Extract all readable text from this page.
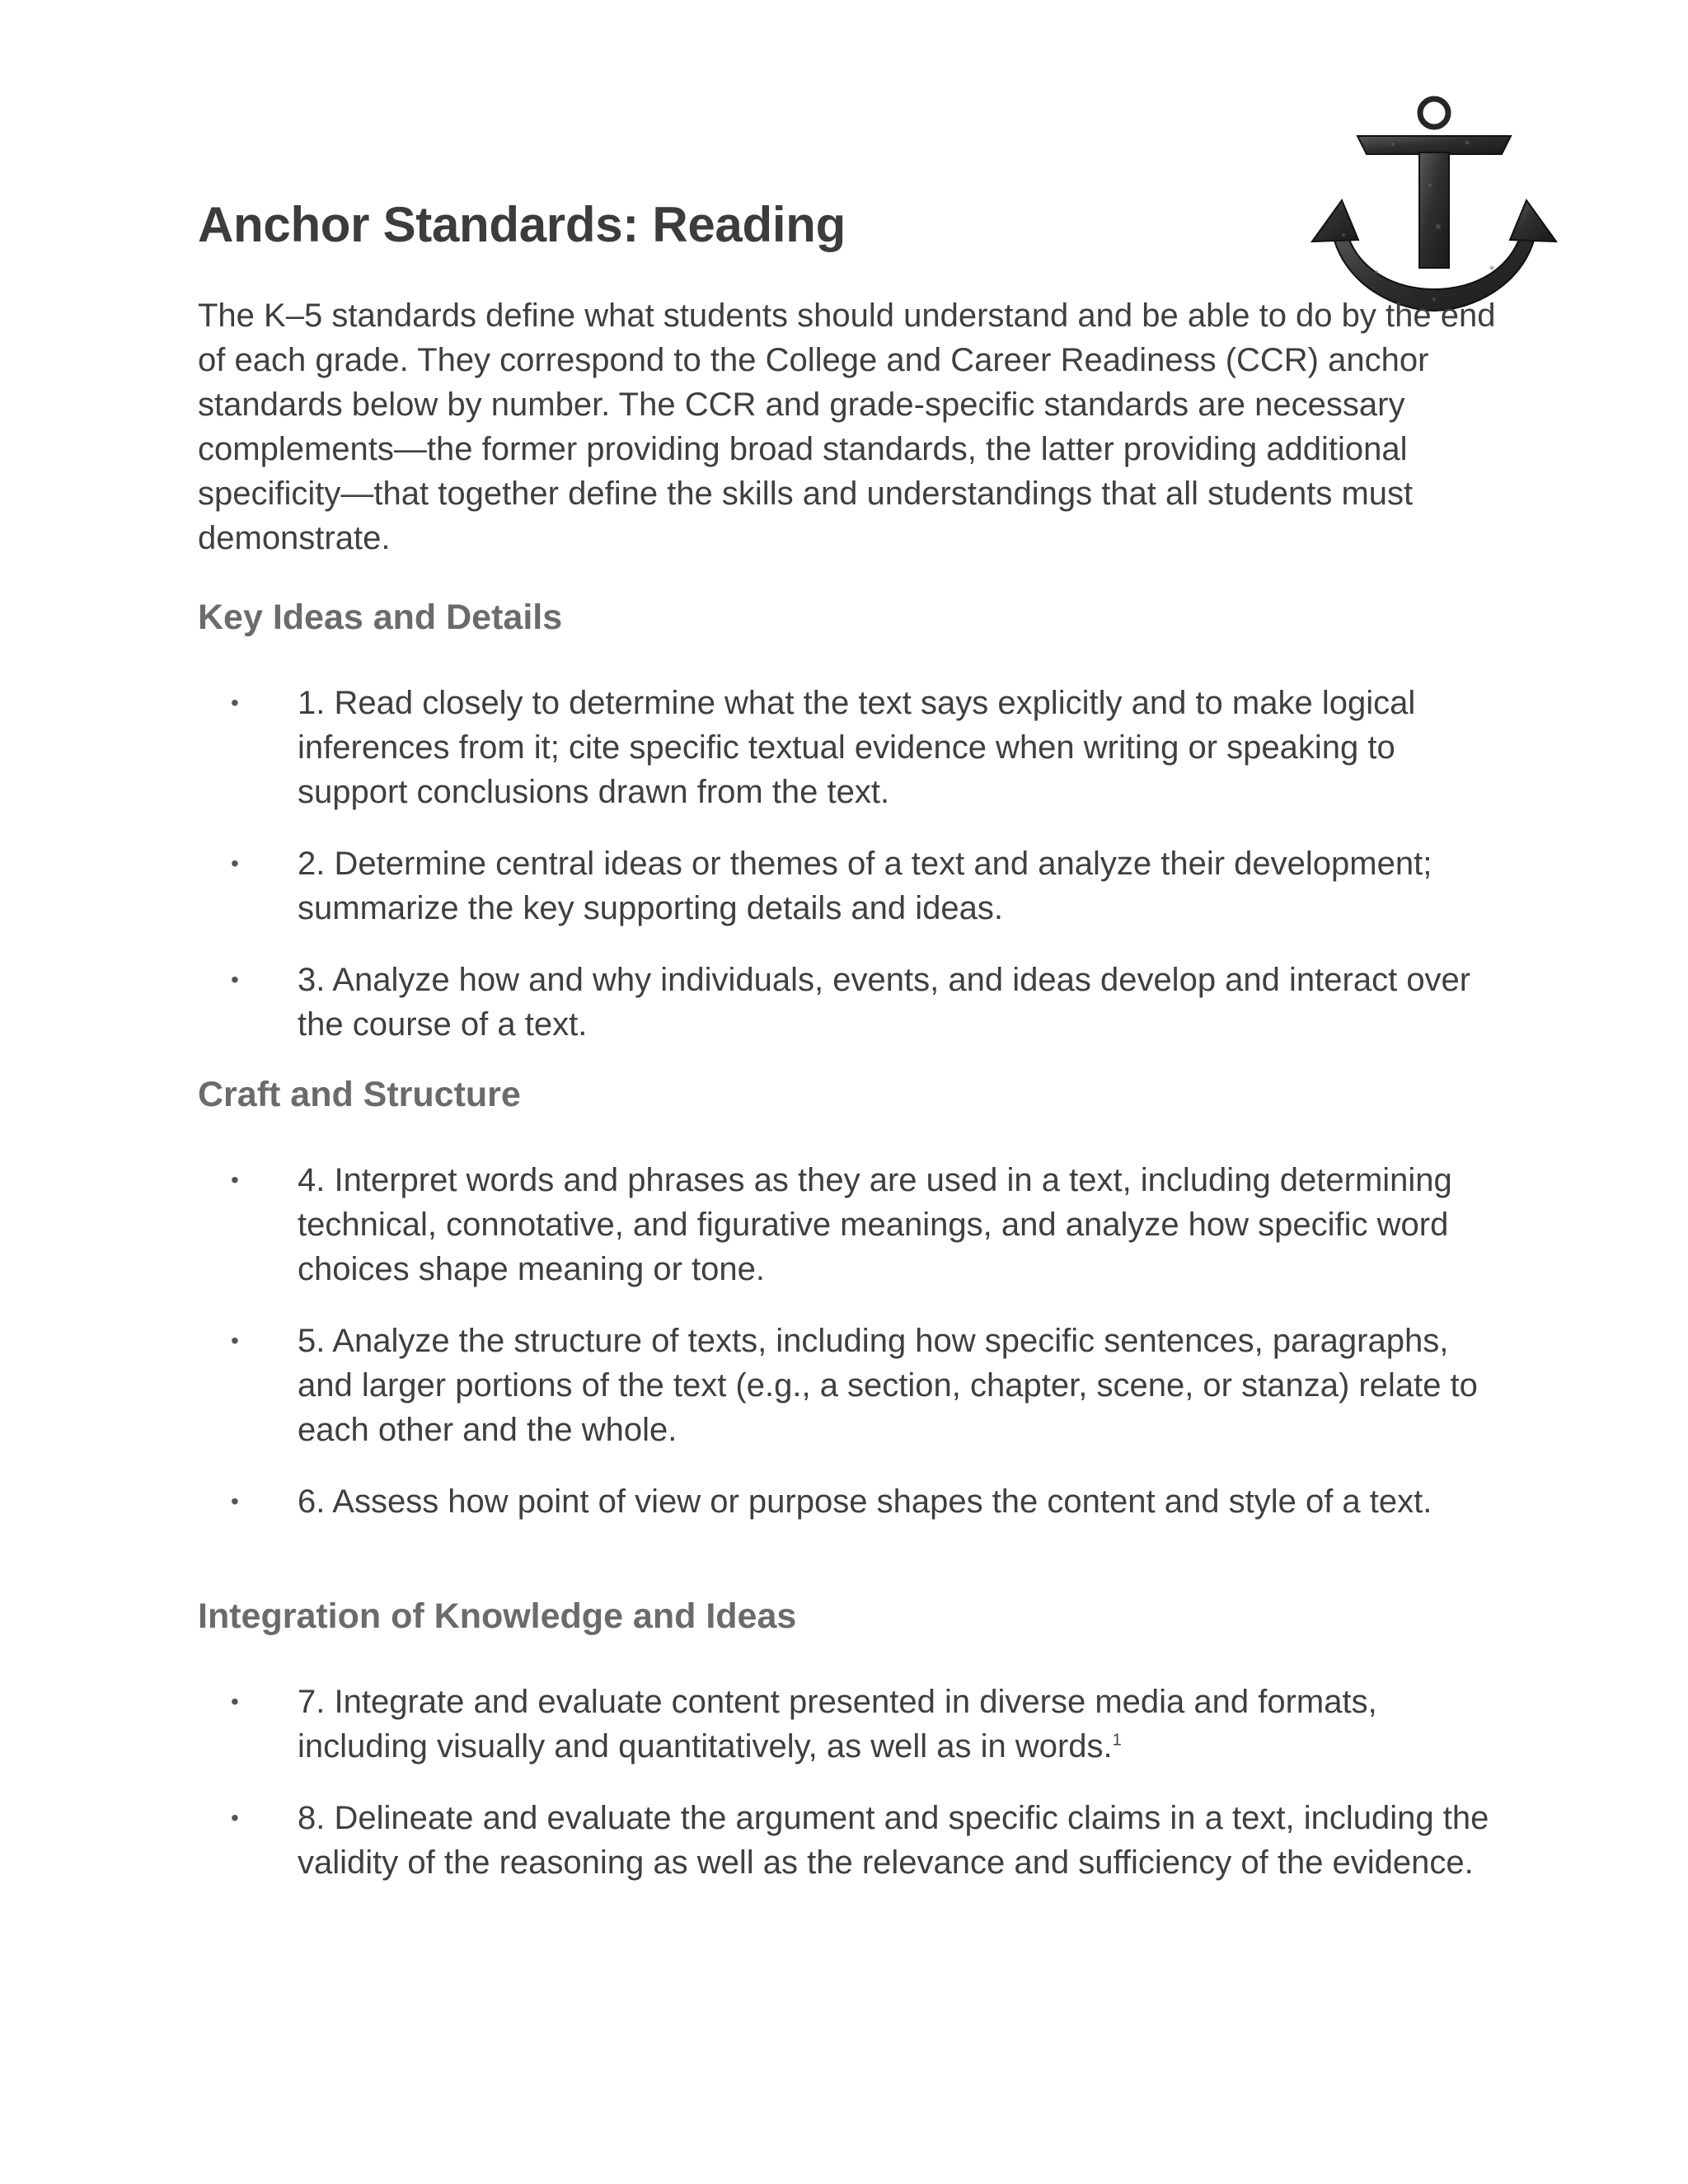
Anchor Standards: Reading

The K–5 standards define what students should understand and be able to do by the end of each grade. They correspond to the College and Career Readiness (CCR) anchor standards below by number. The CCR and grade-specific standards are necessary complements—the former providing broad standards, the latter providing additional specificity—that together define the skills and understandings that all students must demonstrate.

Key Ideas and Details
• 1. Read closely to determine what the text says explicitly and to make logical inferences from it; cite specific textual evidence when writing or speaking to support conclusions drawn from the text.
• 2. Determine central ideas or themes of a text and analyze their development; summarize the key supporting details and ideas.
• 3. Analyze how and why individuals, events, and ideas develop and interact over the course of a text.
Craft and Structure
• 4. Interpret words and phrases as they are used in a text, including determining technical, connotative, and figurative meanings, and analyze how specific word choices shape meaning or tone.
• 5. Analyze the structure of texts, including how specific sentences, paragraphs, and larger portions of the text (e.g., a section, chapter, scene, or stanza) relate to each other and the whole.
• 6. Assess how point of view or purpose shapes the content and style of a text.
Integration of Knowledge and Ideas
• 7. Integrate and evaluate content presented in diverse media and formats, including visually and quantitatively, as well as in words.$^1$
• 8. Delineate and evaluate the argument and specific claims in a text, including the validity of the reasoning as well as the relevance and sufficiency of the evidence.
